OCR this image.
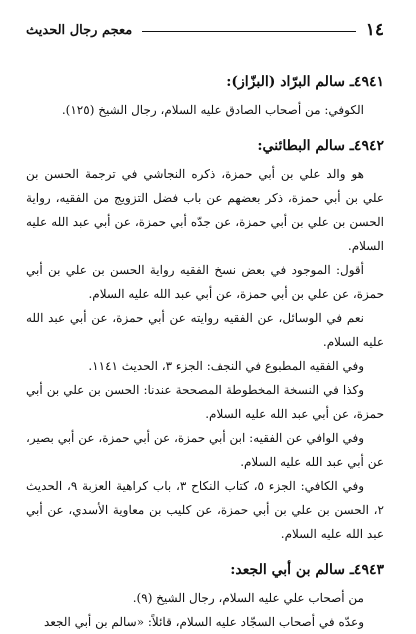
١٤
معجم رجال الحديث
٤٩٤١ـ سالم البرّاد (البزّاز):

الكوفي: من أصحاب الصادق عليه السلام، رجال الشيخ (١٢٥).

٤٩٤٢ـ سالم البطائني:

هو والد علي بن أبي حمزة، ذكره النجاشي في ترجمة الحسن بن علي بن أبي حمزة، ذكر بعضهم عن باب فضل التزويج من الفقيه، رواية الحسن بن علي بن أبي حمزة، عن جدّه أبي حمزة، عن أبي عبد الله عليه السلام.

أقول: الموجود في بعض نسخ الفقيه رواية الحسن بن علي بن أبي حمزة، عن علي بن أبي حمزة، عن أبي عبد الله عليه السلام.

نعم في الوسائل، عن الفقيه روايته عن أبي حمزة، عن أبي عبد الله عليه السلام.

وفي الفقيه المطبوع في النجف: الجزء ٣، الحديث ١١٤١.

وكذا في النسخة المخطوطة المصححة عندنا: الحسن بن علي بن أبي حمزة، عن أبي عبد الله عليه السلام.

وفي الوافي عن الفقيه: ابن أبي حمزة، عن أبي حمزة، عن أبي بصير، عن أبي عبد الله عليه السلام.

وفي الكافي: الجزء ٥، كتاب النكاح ٣، باب كراهية العزبة ٩، الحديث ٢، الحسن بن علي بن أبي حمزة، عن كليب بن معاوية الأسدي، عن أبي عبد الله عليه السلام.

٤٩٤٣ـ سالم بن أبي الجعد:

من أصحاب علي عليه السلام، رجال الشيخ (٩).

وعدّه في أصحاب السجّاد عليه السلام، قائلاً: «سالم بن أبي الجعد
